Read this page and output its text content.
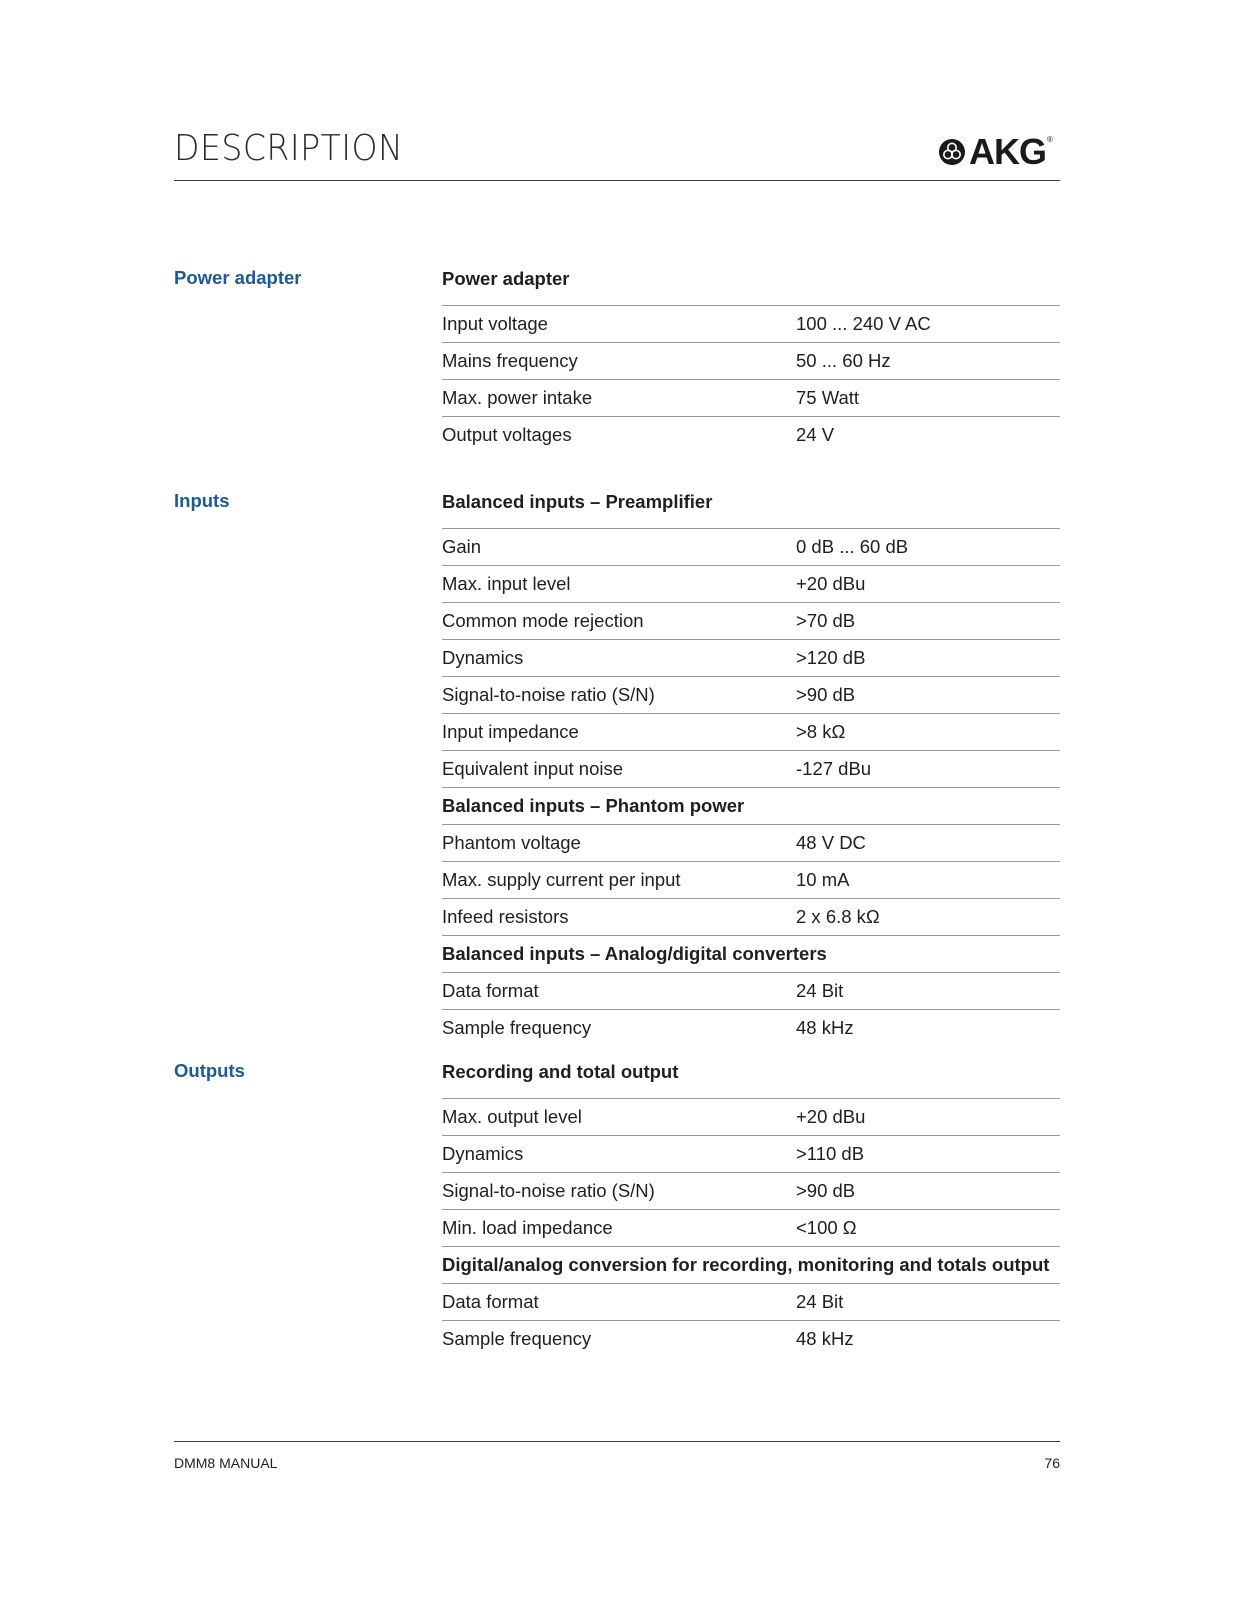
DESCRIPTION	AKG ®
Power adapter	Power adapter
Input voltage	100 ... 240 V AC
Mains frequency	50 ... 60 Hz
Max. power intake	75 Watt
Output voltages	24 V
Inputs	Balanced inputs – Preamplifier
Gain	0 dB ... 60 dB
Max. input level	+20 dBu
Common mode rejection	>70 dB
Dynamics	>120 dB
Signal-to-noise ratio (S/N)	>90 dB
Input impedance	>8 kΩ
Equivalent input noise	-127 dBu
Balanced inputs – Phantom power
Phantom voltage	48 V DC
Max. supply current per input	10 mA
Infeed resistors	2 x 6.8 kΩ
Balanced inputs – Analog/digital converters
Data format	24 Bit
Sample frequency	48 kHz
Outputs	Recording and total output
Max. output level	+20 dBu
Dynamics	>110 dB
Signal-to-noise ratio (S/N)	>90 dB
Min. load impedance	<100 Ω
Digital/analog conversion for recording, monitoring and totals output
Data format	24 Bit
Sample frequency	48 kHz
DMM8 MANUAL	76
